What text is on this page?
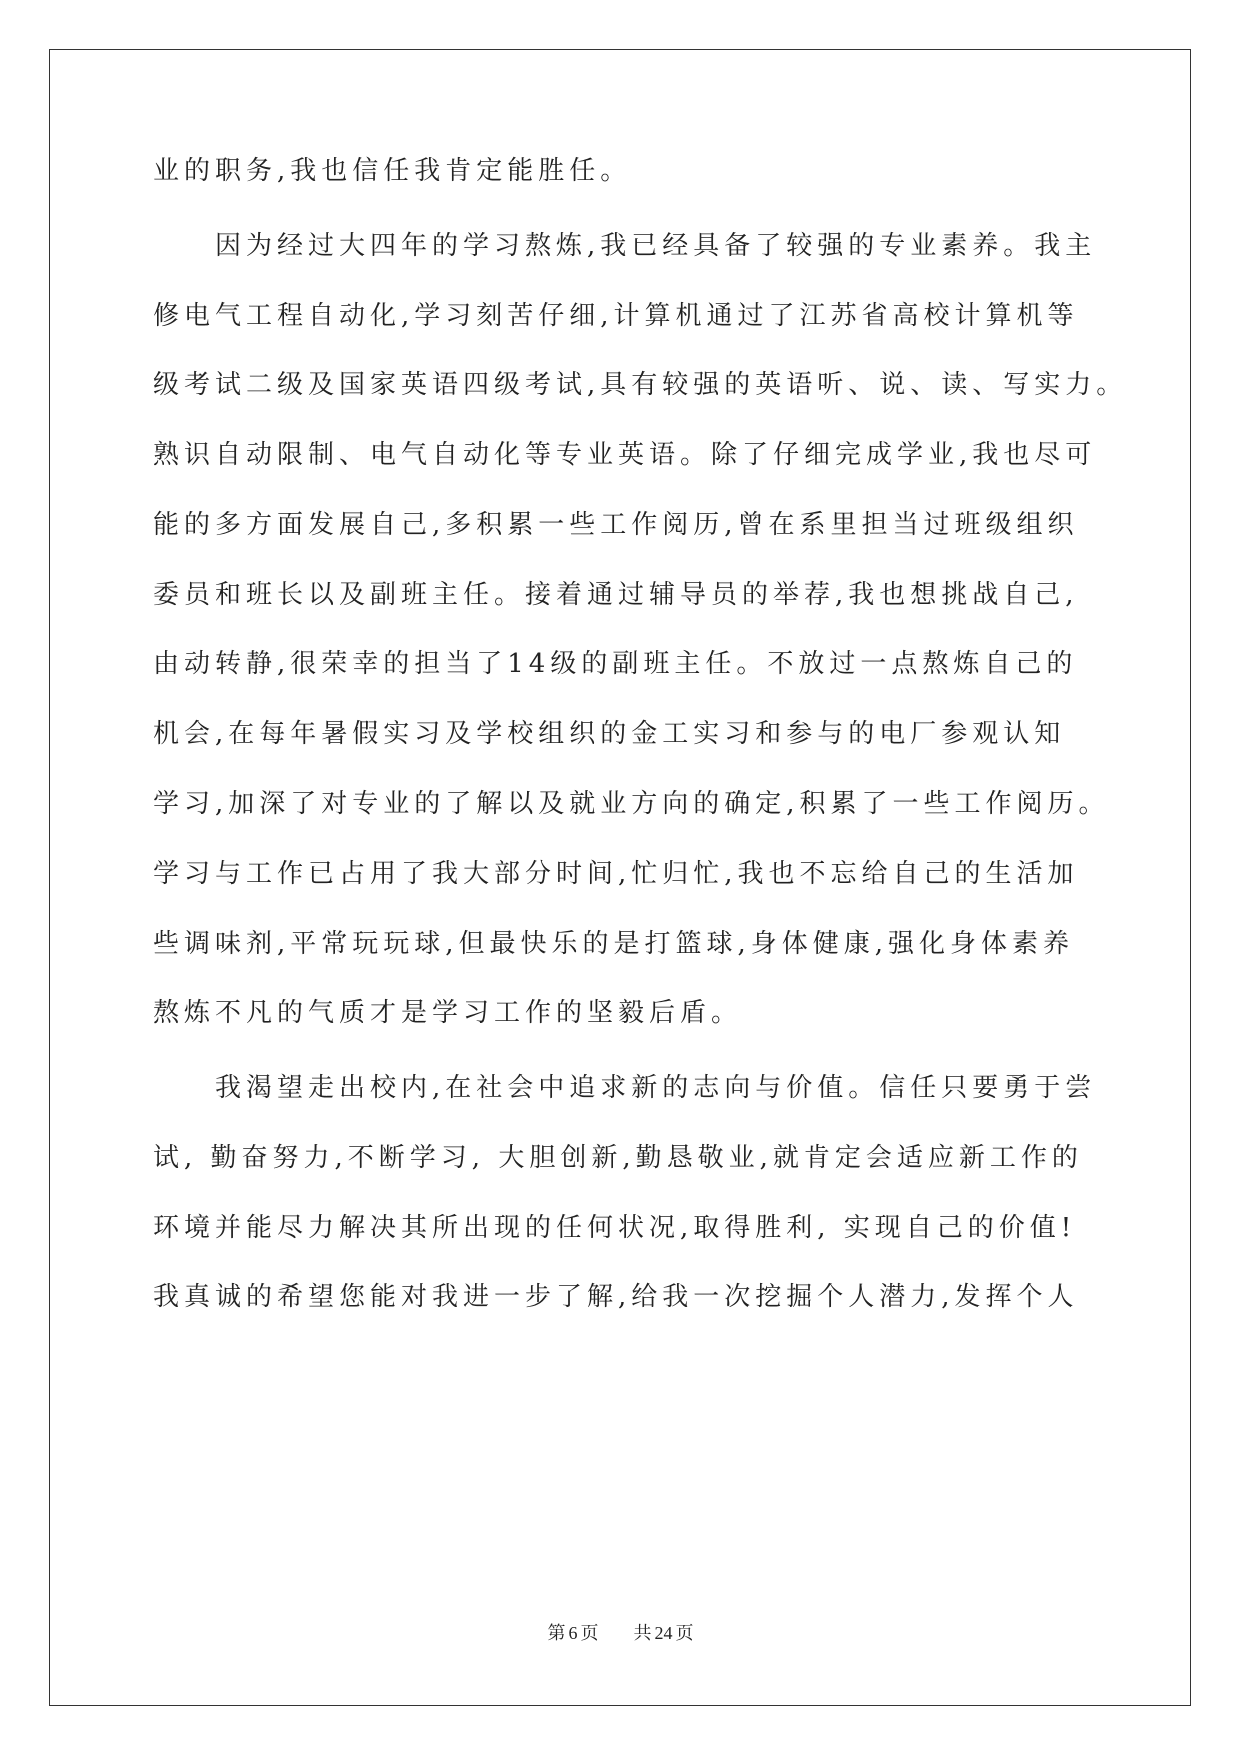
业的职务,我也信任我肯定能胜任。

因为经过大四年的学习熬炼,我已经具备了较强的专业素养。我主

修电气工程自动化,学习刻苦仔细,计算机通过了江苏省高校计算机等

级考试二级及国家英语四级考试,具有较强的英语听、说、读、写实力。

熟识自动限制、电气自动化等专业英语。除了仔细完成学业,我也尽可

能的多方面发展自己,多积累一些工作阅历,曾在系里担当过班级组织

委员和班长以及副班主任。接着通过辅导员的举荐,我也想挑战自己,

由动转静,很荣幸的担当了14级的副班主任。不放过一点熬炼自己的

机会,在每年暑假实习及学校组织的金工实习和参与的电厂参观认知

学习,加深了对专业的了解以及就业方向的确定,积累了一些工作阅历。

学习与工作已占用了我大部分时间,忙归忙,我也不忘给自己的生活加

些调味剂,平常玩玩球,但最快乐的是打篮球,身体健康,强化身体素养

熬炼不凡的气质才是学习工作的坚毅后盾。

我渴望走出校内,在社会中追求新的志向与价值。信任只要勇于尝

试, 勤奋努力,不断学习, 大胆创新,勤恳敬业,就肯定会适应新工作的

环境并能尽力解决其所出现的任何状况,取得胜利, 实现自己的价值!

我真诚的希望您能对我进一步了解,给我一次挖掘个人潜力,发挥个人

第 6 页 共 24 页
